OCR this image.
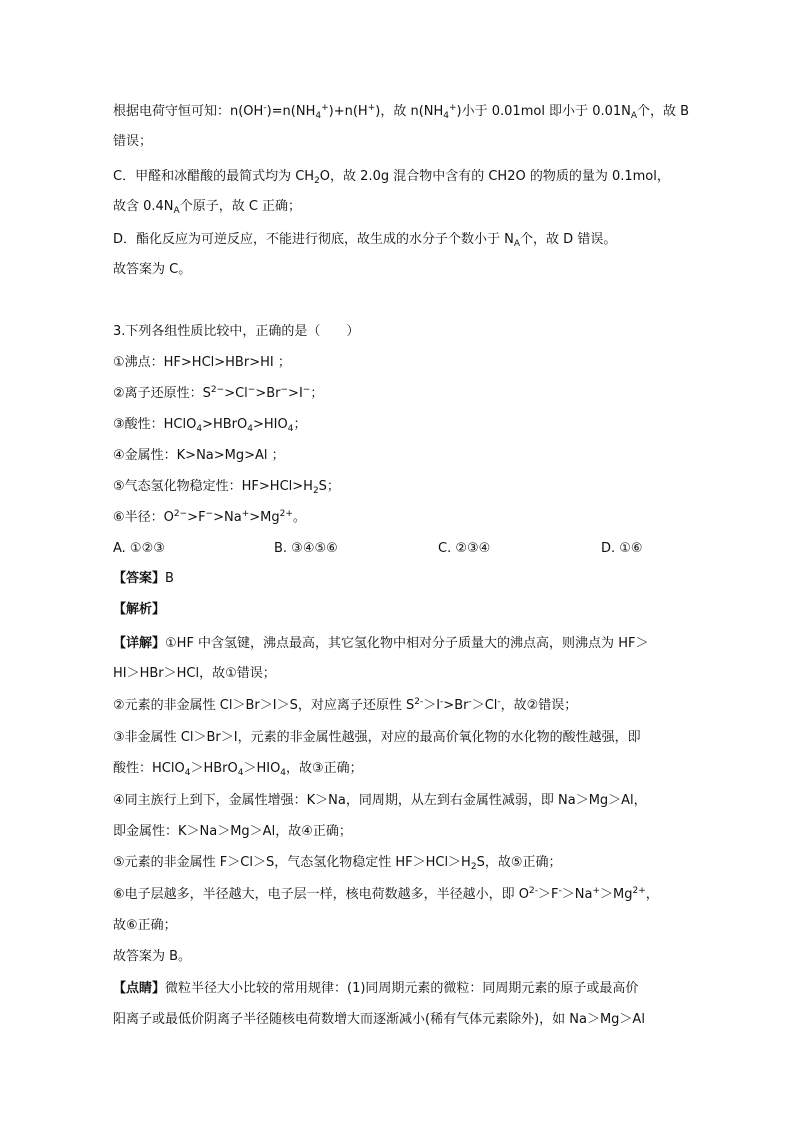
根据电荷守恒可知：$n(OH^-)=n(NH_4^+)+n(H^+)$，故 $n(NH_4^+)$小于 0.01mol 即小于 $0.01N_A$个，故 B
错误；
C．甲醛和冰醋酸的最简式均为 $CH_2O$，故 2.0g 混合物中含有的 CH2O 的物质的量为 0.1mol，
故含 $0.4N_A$个原子，故 C 正确；
D．酯化反应为可逆反应，不能进行彻底，故生成的水分子个数小于 $N_A$个，故 D 错误。
故答案为 C。
3.下列各组性质比较中，正确的是（　　）
①沸点：HF>HCl>HBr>HI ；
②离子还原性：$S^{2-}>Cl^->Br^->I^-$；
③酸性：$HClO_4>HBrO_4>HIO_4$；
④金属性：K>Na>Mg>Al ；
⑤气态氢化物稳定性：$HF>HCl>H_2S$；
⑥半径：$O^{2-}>F^->Na^+>Mg^{2+}$。
A. ①②③	B. ③④⑤⑥	C. ②③④	D. ①⑥
【答案】B
【解析】
【详解】①HF 中含氢键，沸点最高，其它氢化物中相对分子质量大的沸点高，则沸点为 HF＞
HI＞HBr＞HCl，故①错误；
②元素的非金属性 Cl＞Br＞I＞S，对应离子还原性 $S^{2-}>I^->Br^->Cl^-$，故②错误；
③非金属性 Cl＞Br＞I，元素的非金属性越强，对应的最高价氧化物的水化物的酸性越强，即
酸性：$HClO_4>HBrO_4>HIO_4$，故③正确；
④同主族行上到下，金属性增强：K＞Na，同周期，从左到右金属性减弱，即 Na＞Mg＞Al，
即金属性：K＞Na＞Mg＞Al，故④正确；
⑤元素的非金属性 F＞Cl＞S，气态氢化物稳定性 $HF>HCl>H_2S$，故⑤正确；
⑥电子层越多，半径越大，电子层一样，核电荷数越多，半径越小，即 $O^{2-}>F^->Na^+>Mg^{2+}$，
故⑥正确；
故答案为 B。
【点睛】微粒半径大小比较的常用规律：(1)同周期元素的微粒：同周期元素的原子或最高价
阳离子或最低价阴离子半径随核电荷数增大而逐渐减小(稀有气体元素除外)，如 Na＞Mg＞Al
